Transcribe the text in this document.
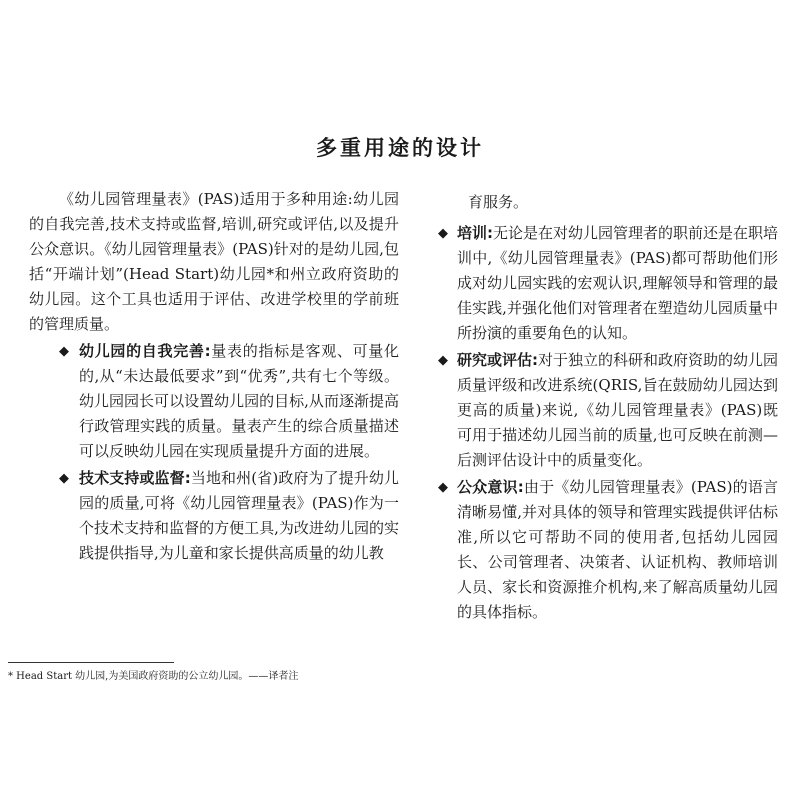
多重用途的设计

《幼儿园管理量表》(PAS)适用于多种用途:幼儿园的自我完善,技术支持或监督,培训,研究或评估,以及提升公众意识。《幼儿园管理量表》(PAS)针对的是幼儿园,包括“开端计划”(Head Start)幼儿园*和州立政府资助的幼儿园。这个工具也适用于评估、改进学校里的学前班的管理质量。

◆ 幼儿园的自我完善:量表的指标是客观、可量化的,从“未达最低要求”到“优秀”,共有七个等级。幼儿园园长可以设置幼儿园的目标,从而逐渐提高行政管理实践的质量。量表产生的综合质量描述可以反映幼儿园在实现质量提升方面的进展。
◆ 技术支持或监督:当地和州(省)政府为了提升幼儿园的质量,可将《幼儿园管理量表》(PAS)作为一个技术支持和监督的方便工具,为改进幼儿园的实践提供指导,为儿童和家长提供高质量的幼儿教

育服务。

◆ 培训:无论是在对幼儿园管理者的职前还是在职培训中,《幼儿园管理量表》(PAS)都可帮助他们形成对幼儿园实践的宏观认识,理解领导和管理的最佳实践,并强化他们对管理者在塑造幼儿园质量中所扮演的重要角色的认知。
◆ 研究或评估:对于独立的科研和政府资助的幼儿园质量评级和改进系统(QRIS,旨在鼓励幼儿园达到更高的质量)来说,《幼儿园管理量表》(PAS)既可用于描述幼儿园当前的质量,也可反映在前测—后测评估设计中的质量变化。
◆ 公众意识:由于《幼儿园管理量表》(PAS)的语言清晰易懂,并对具体的领导和管理实践提供评估标准,所以它可帮助不同的使用者,包括幼儿园园长、公司管理者、决策者、认证机构、教师培训人员、家长和资源推介机构,来了解高质量幼儿园的具体指标。
* Head Start 幼儿园,为美国政府资助的公立幼儿园。——译者注
